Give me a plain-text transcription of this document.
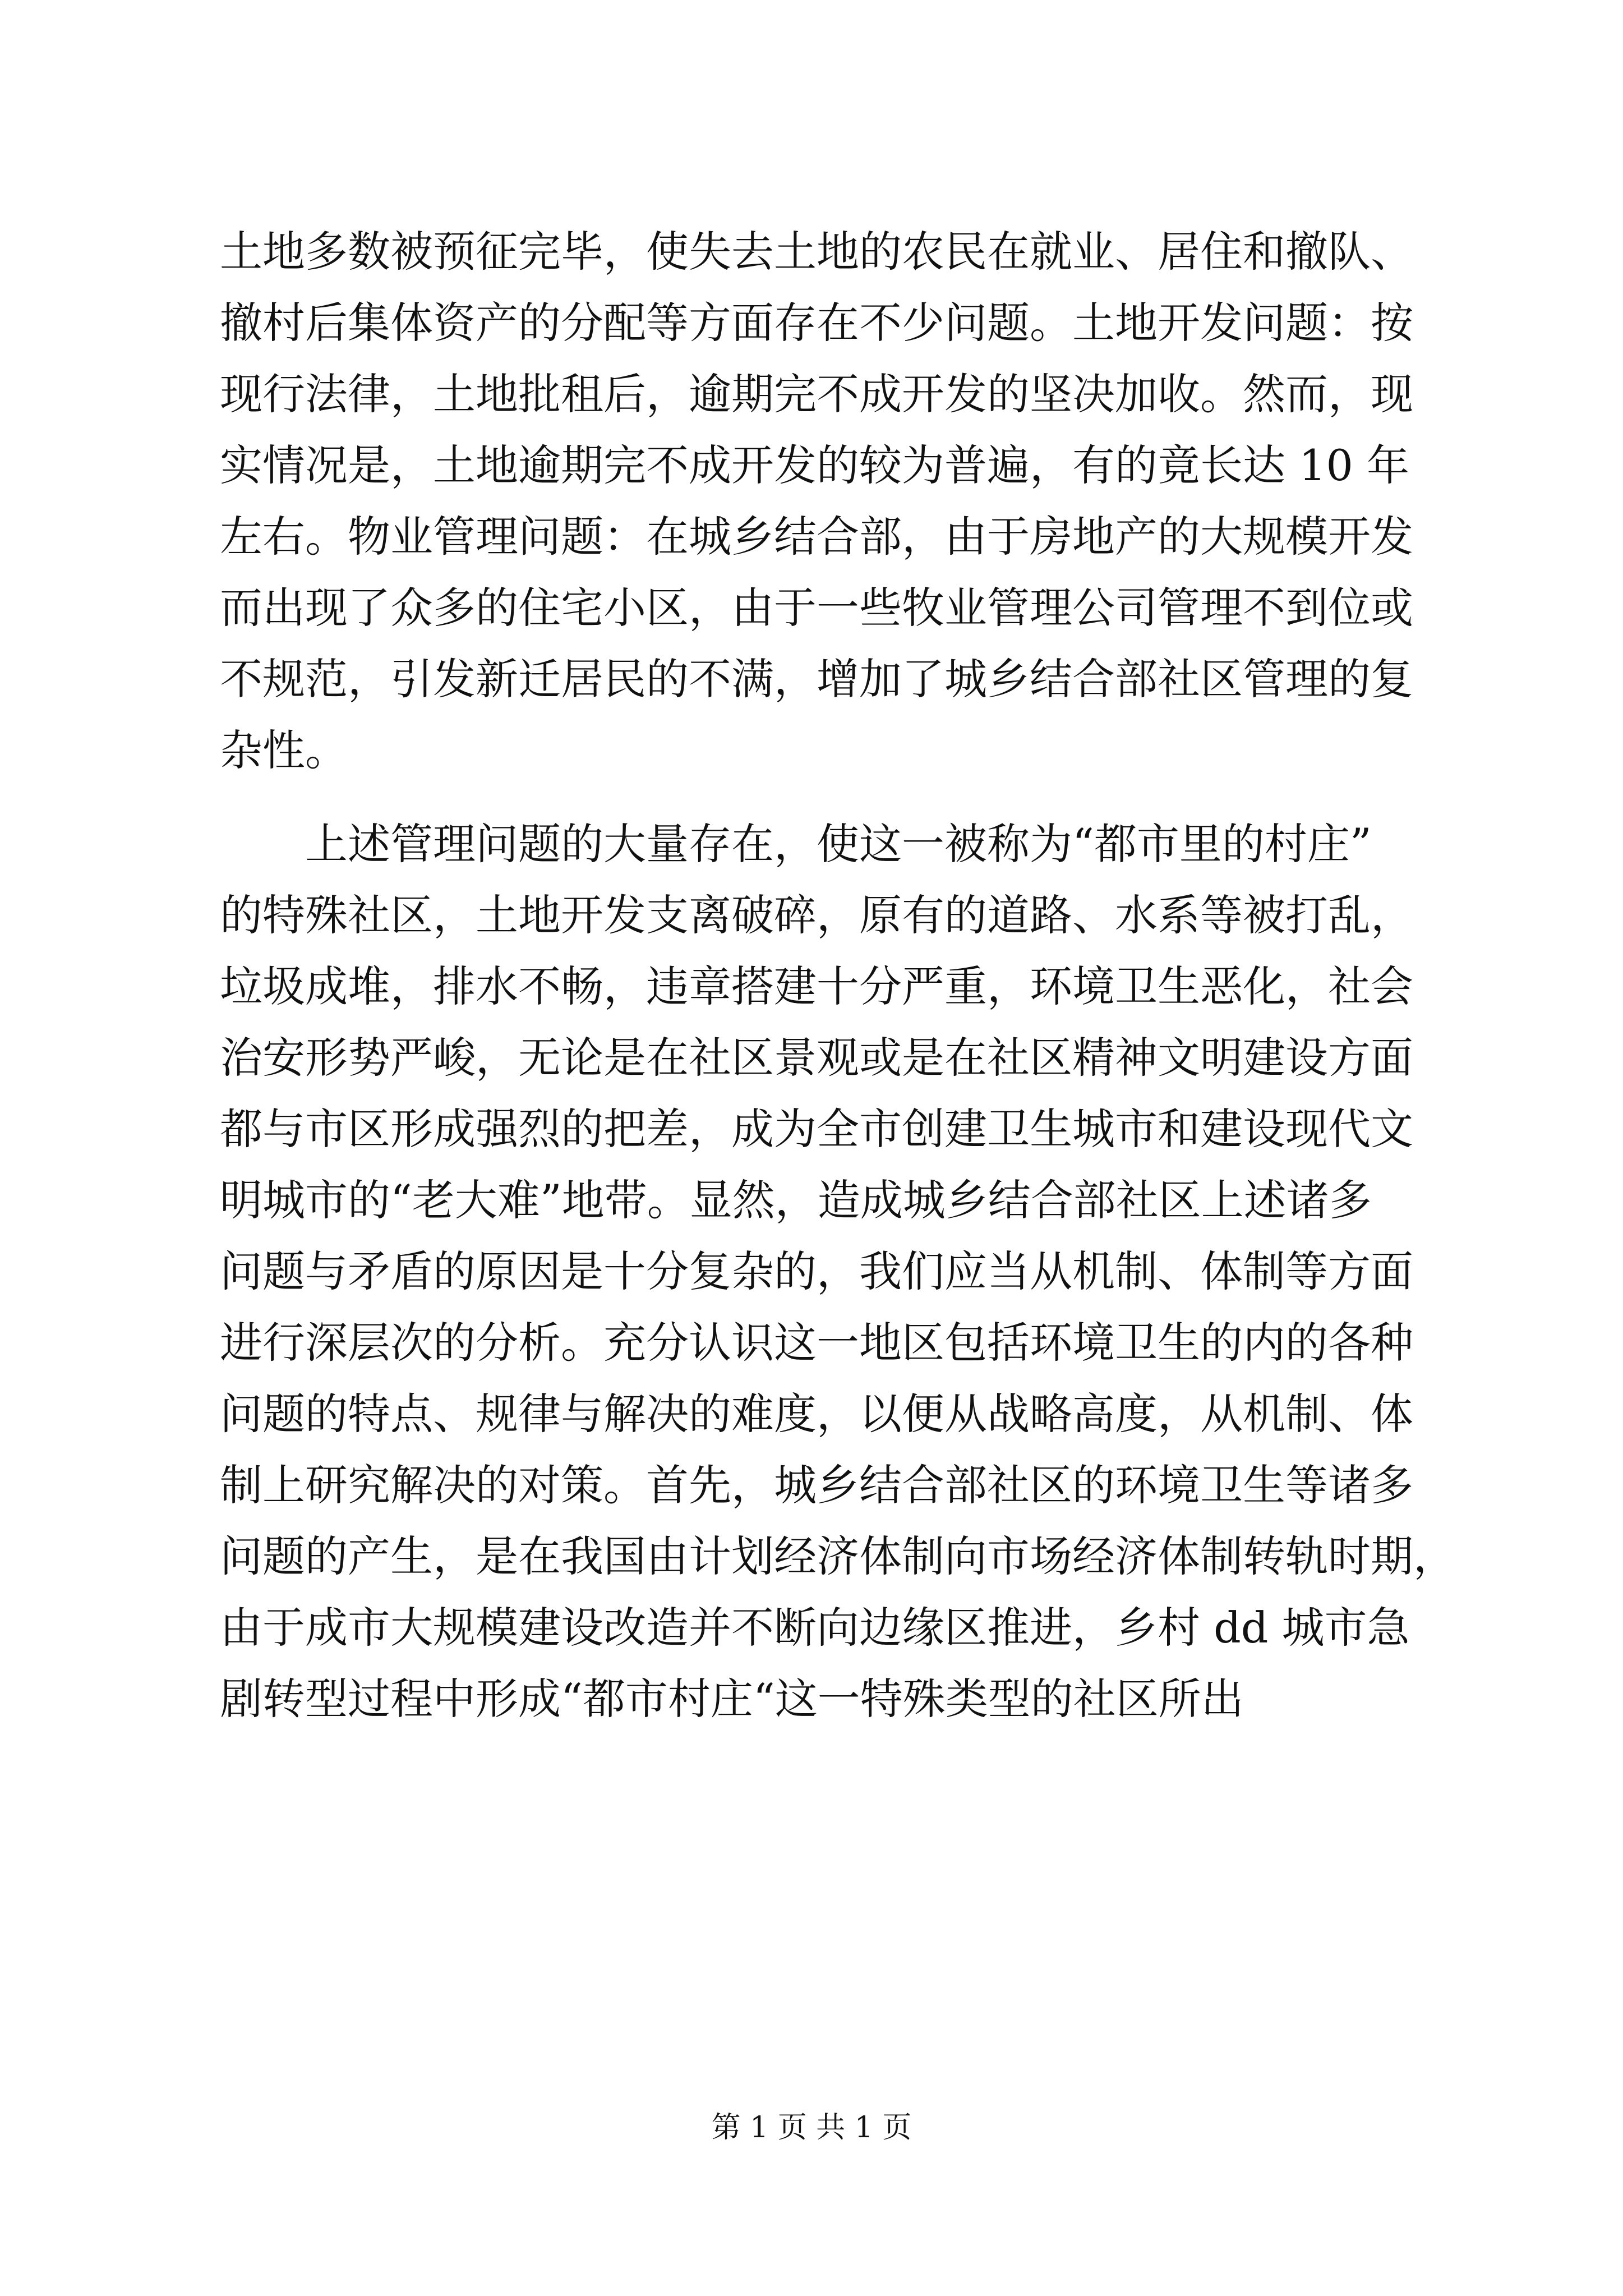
土地多数被预征完毕，使失去土地的农民在就业、居住和撤队、
撤村后集体资产的分配等方面存在不少问题。土地开发问题：按
现行法律，土地批租后，逾期完不成开发的坚决加收。然而，现
实情况是，土地逾期完不成开发的较为普遍，有的竟长达 10 年
左右。物业管理问题：在城乡结合部，由于房地产的大规模开发
而出现了众多的住宅小区，由于一些牧业管理公司管理不到位或
不规范，引发新迁居民的不满，增加了城乡结合部社区管理的复
杂性。
上述管理问题的大量存在，使这一被称为“都市里的村庄”
的特殊社区，土地开发支离破碎，原有的道路、水系等被打乱，
垃圾成堆，排水不畅，违章搭建十分严重，环境卫生恶化，社会
治安形势严峻，无论是在社区景观或是在社区精神文明建设方面
都与市区形成强烈的把差，成为全市创建卫生城市和建设现代文
明城市的“老大难”地带。显然，造成城乡结合部社区上述诸多
问题与矛盾的原因是十分复杂的，我们应当从机制、体制等方面
进行深层次的分析。充分认识这一地区包括环境卫生的内的各种
问题的特点、规律与解决的难度，以便从战略高度，从机制、体
制上研究解决的对策。首先，城乡结合部社区的环境卫生等诸多
问题的产生，是在我国由计划经济体制向市场经济体制转轨时期，
由于成市大规模建设改造并不断向边缘区推进，乡村 dd 城市急
剧转型过程中形成“都市村庄“这一特殊类型的社区所出
第 1 页 共 1 页
